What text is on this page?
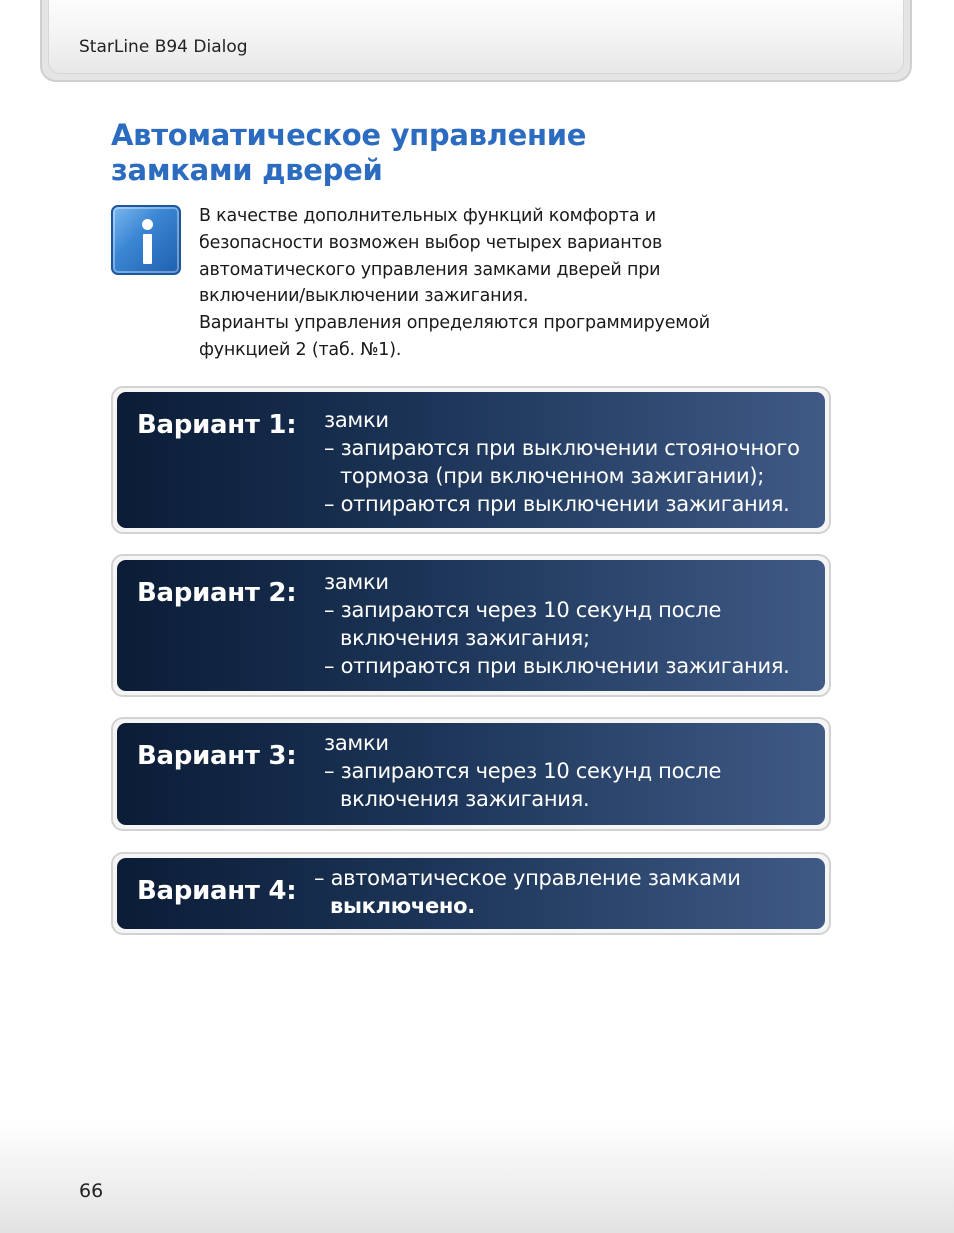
StarLine B94 Dialog
Автоматическое управление
замками дверей

В качестве дополнительных функций комфорта и
безопасности возможен выбор четырех вариантов
автоматического управления замками дверей при
включении/выключении зажигания.

Варианты управления определяются программируемой
функцией 2 (таб. №1).

Вариант 1: замки
– запираются при выключении стояночного
тормоза (при включенном зажигании);
– отпираются при выключении зажигания.
Вариант 2: замки
– запираются через 10 секунд после
включения зажигания;
– отпираются при выключении зажигания.
Вариант 3: замки
– запираются через 10 секунд после
включения зажигания.
Вариант 4: – автоматическое управление замками
выключено.
66
